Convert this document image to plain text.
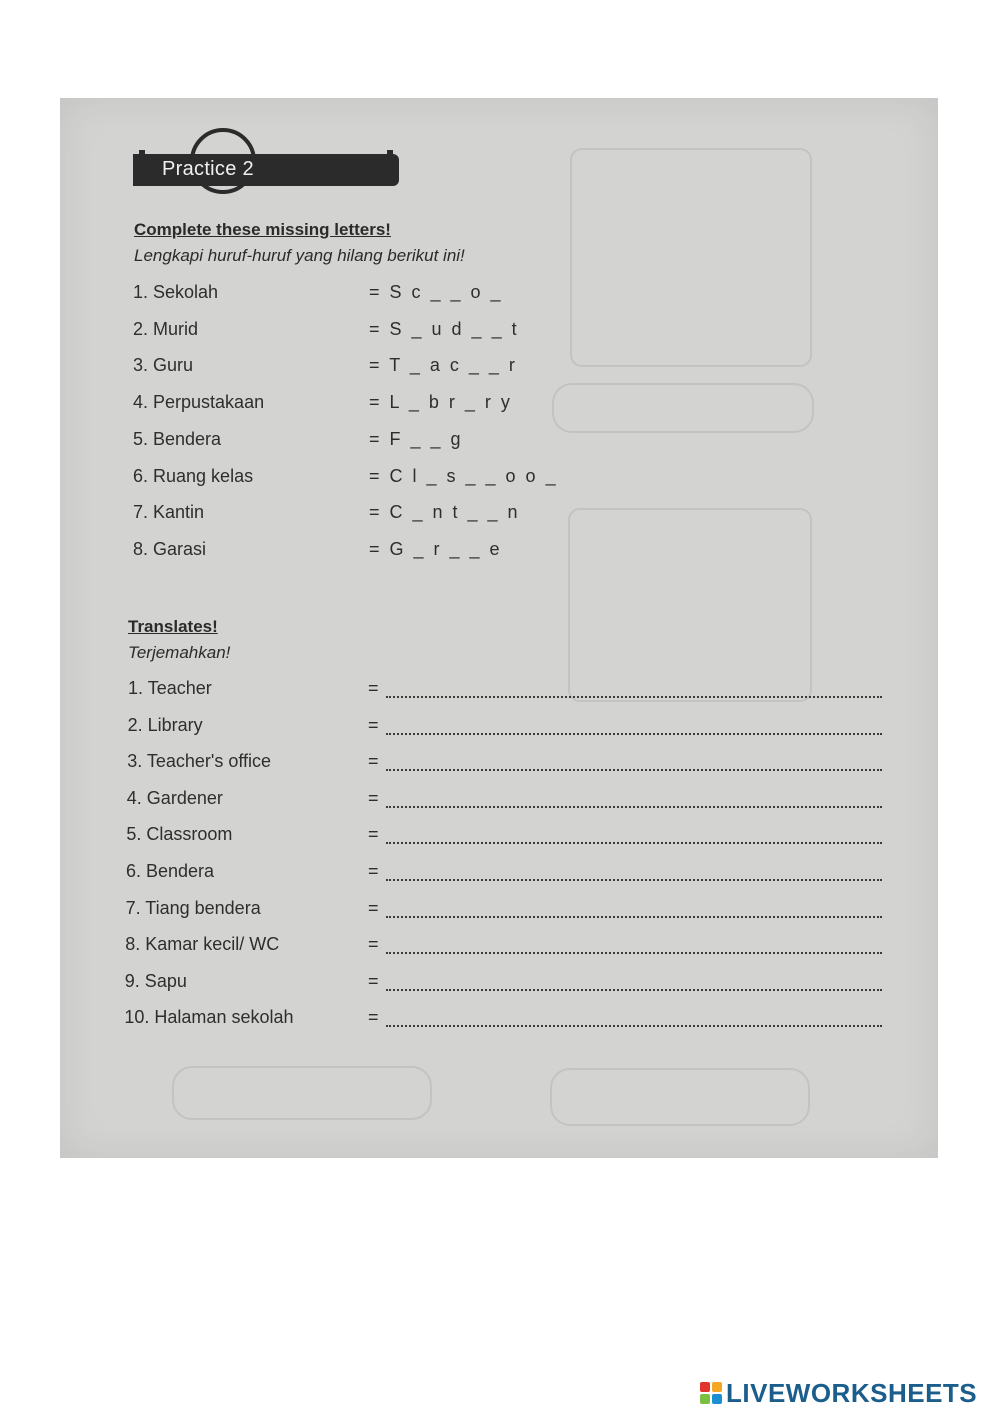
Practice 2
Complete these missing letters!
Lengkapi huruf-huruf yang hilang berikut ini!
1. Sekolah	= S c _ _ o _
2. Murid	= S _ u d _ _ t
3. Guru	= T _ a c _ _ r
4. Perpustakaan	= L _ b r _ r y
5. Bendera	= F _ _ g
6. Ruang kelas	= C l _ s _ _ o o _
7. Kantin	= C _ n t _ _ n
8. Garasi	= G _ r _ _ e
Translates!
Terjemahkan!
1. Teacher	=
2. Library	=
3. Teacher's office	=
4. Gardener	=
5. Classroom	=
6. Bendera	=
7. Tiang bendera	=
8. Kamar kecil/ WC	=
9. Sapu	=
10. Halaman sekolah	=
LIVEWORKSHEETS
